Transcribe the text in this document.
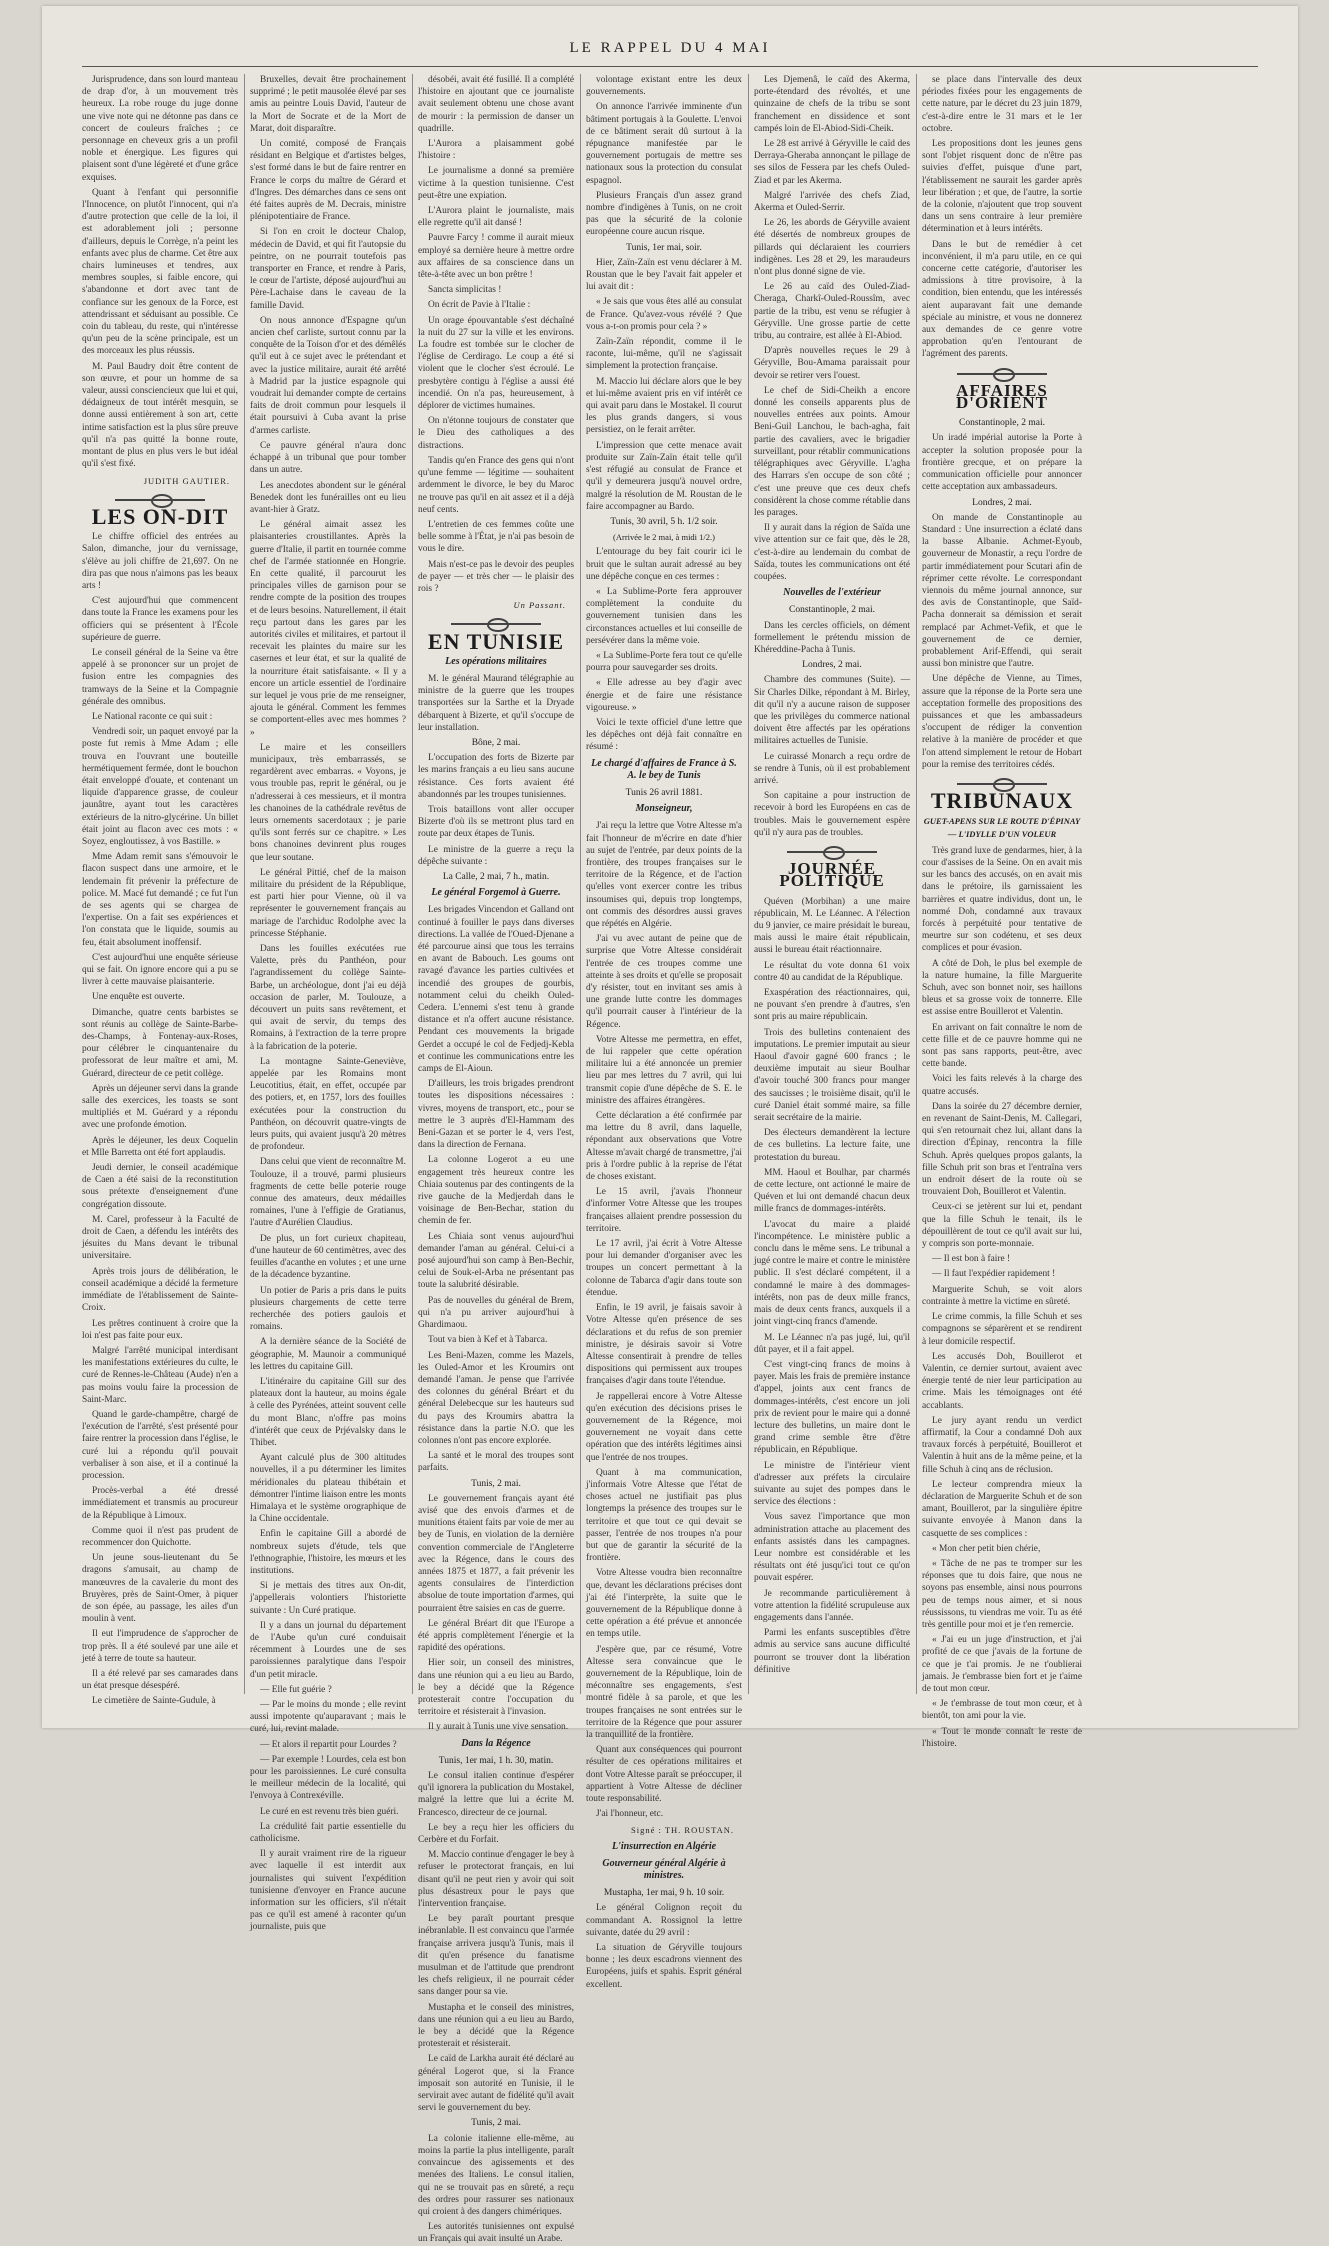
LE RAPPEL DU 4 MAI

Jurisprudence, dans son lourd manteau de drap d'or, à un mouvement très heureux. La robe rouge du juge donne une vive note qui ne détonne pas dans ce concert de couleurs fraîches ; ce personnage en cheveux gris a un profil noble et énergique. Les figures qui plaisent sont d'une légèreté et d'une grâce exquises.

Quant à l'enfant qui personnifie l'Innocence, on plutôt l'innocent, qui n'a d'autre protection que celle de la loi, il est adorablement joli ; personne d'ailleurs, depuis le Corrège, n'a peint les enfants avec plus de charme. Cet être aux chairs lumineuses et tendres, aux membres souples, si faible encore, qui s'abandonne et dort avec tant de confiance sur les genoux de la Force, est attendrissant et séduisant au possible. Ce coin du tableau, du reste, qui n'intéresse qu'un peu de la scène principale, est un des morceaux les plus réussis.

M. Paul Baudry doit être content de son œuvre, et pour un homme de sa valeur, aussi consciencieux que lui et qui, dédaigneux de tout intérêt mesquin, se donne aussi entièrement à son art, cette intime satisfaction est la plus sûre preuve qu'il n'a pas quitté la bonne route, montant de plus en plus vers le but idéal qu'il s'est fixé.

JUDITH GAUTIER.
LES ON-DIT

Le chiffre officiel des entrées au Salon, dimanche, jour du vernissage, s'élève au joli chiffre de 21,697. On ne dira pas que nous n'aimons pas les beaux arts !

C'est aujourd'hui que commencent dans toute la France les examens pour les officiers qui se présentent à l'École supérieure de guerre.

Le conseil général de la Seine va être appelé à se prononcer sur un projet de fusion entre les compagnies des tramways de la Seine et la Compagnie générale des omnibus.

Le National raconte ce qui suit :

Vendredi soir, un paquet envoyé par la poste fut remis à Mme Adam ; elle trouva en l'ouvrant une bouteille hermétiquement fermée, dont le bouchon était enveloppé d'ouate, et contenant un liquide d'apparence grasse, de couleur jaunâtre, ayant tout les caractères extérieurs de la nitro-glycérine. Un billet était joint au flacon avec ces mots : « Soyez, engloutissez, à vos Bastille. »

Mme Adam remit sans s'émouvoir le flacon suspect dans une armoire, et le lendemain fit prévenir la préfecture de police. M. Macé fut demandé ; ce fut l'un de ses agents qui se chargea de l'expertise. On a fait ses expériences et l'on constata que le liquide, soumis au feu, était absolument inoffensif.

C'est aujourd'hui une enquête sérieuse qui se fait. On ignore encore qui a pu se livrer à cette mauvaise plaisanterie.

Une enquête est ouverte.

Dimanche, quatre cents barbistes se sont réunis au collège de Sainte-Barbe-des-Champs, à Fontenay-aux-Roses, pour célébrer le cinquantenaire du professorat de leur maître et ami, M. Guérard, directeur de ce petit collège.

Après un déjeuner servi dans la grande salle des exercices, les toasts se sont multipliés et M. Guérard y a répondu avec une profonde émotion.

Après le déjeuner, les deux Coquelin et Mlle Barretta ont été fort applaudis.

Jeudi dernier, le conseil académique de Caen a été saisi de la reconstitution sous prétexte d'enseignement d'une congrégation dissoute.

M. Carel, professeur à la Faculté de droit de Caen, a défendu les intérêts des jésuites du Mans devant le tribunal universitaire.

Après trois jours de délibération, le conseil académique a décidé la fermeture immédiate de l'établissement de Sainte-Croix.

Les prêtres continuent à croire que la loi n'est pas faite pour eux.

Malgré l'arrêté municipal interdisant les manifestations extérieures du culte, le curé de Rennes-le-Château (Aude) n'en a pas moins voulu faire la procession de Saint-Marc.

Quand le garde-champêtre, chargé de l'exécution de l'arrêté, s'est présenté pour faire rentrer la procession dans l'église, le curé lui a répondu qu'il pouvait verbaliser à son aise, et il a continué la procession.

Procès-verbal a été dressé immédiatement et transmis au procureur de la République à Limoux.

Comme quoi il n'est pas prudent de recommencer don Quichotte.

Un jeune sous-lieutenant du 5e dragons s'amusait, au champ de manœuvres de la cavalerie du mont des Bruyères, près de Saint-Omer, à piquer de son épée, au passage, les ailes d'un moulin à vent.

Il eut l'imprudence de s'approcher de trop près. Il a été soulevé par une aile et jeté à terre de toute sa hauteur.

Il a été relevé par ses camarades dans un état presque désespéré.

Le cimetière de Sainte-Gudule, à

Bruxelles, devait être prochainement supprimé ; le petit mausolée élevé par ses amis au peintre Louis David, l'auteur de la Mort de Socrate et de la Mort de Marat, doit disparaître.

Un comité, composé de Français résidant en Belgique et d'artistes belges, s'est formé dans le but de faire rentrer en France le corps du maître de Gérard et d'Ingres. Des démarches dans ce sens ont été faites auprès de M. Decrais, ministre plénipotentiaire de France.

Si l'on en croit le docteur Chalop, médecin de David, et qui fit l'autopsie du peintre, on ne pourrait toutefois pas transporter en France, et rendre à Paris, le cœur de l'artiste, déposé aujourd'hui au Père-Lachaise dans le caveau de la famille David.

On nous annonce d'Espagne qu'un ancien chef carliste, surtout connu par la conquête de la Toison d'or et des démêlés qu'il eut à ce sujet avec le prétendant et avec la justice militaire, aurait été arrêté à Madrid par la justice espagnole qui voudrait lui demander compte de certains faits de droit commun pour lesquels il était poursuivi à Cuba avant la prise d'armes carliste.

Ce pauvre général n'aura donc échappé à un tribunal que pour tomber dans un autre.

Les anecdotes abondent sur le général Benedek dont les funérailles ont eu lieu avant-hier à Gratz.

Le général aimait assez les plaisanteries croustillantes. Après la guerre d'Italie, il partit en tournée comme chef de l'armée stationnée en Hongrie. En cette qualité, il parcourut les principales villes de garnison pour se rendre compte de la position des troupes et de leurs besoins. Naturellement, il était reçu partout dans les gares par les autorités civiles et militaires, et partout il recevait les plaintes du maire sur les casernes et leur état, et sur la qualité de la nourriture était satisfaisante. « Il y a encore un article essentiel de l'ordinaire sur lequel je vous prie de me renseigner, ajouta le général. Comment les femmes se comportent-elles avec mes hommes ? »

Le maire et les conseillers municipaux, très embarrassés, se regardèrent avec embarras. « Voyons, je vous trouble pas, reprit le général, ou je n'adresserai à ces messieurs, et il montra les chanoines de la cathédrale revêtus de leurs ornements sacerdotaux ; je parie qu'ils sont ferrés sur ce chapitre. » Les bons chanoines devinrent plus rouges que leur soutane.

Le général Pittié, chef de la maison militaire du président de la République, est parti hier pour Vienne, où il va représenter le gouvernement français au mariage de l'archiduc Rodolphe avec la princesse Stéphanie.

Dans les fouilles exécutées rue Valette, près du Panthéon, pour l'agrandissement du collège Sainte-Barbe, un archéologue, dont j'ai eu déjà occasion de parler, M. Toulouze, a découvert un puits sans revêtement, et qui avait de servir, du temps des Romains, à l'extraction de la terre propre à la fabrication de la poterie.

La montagne Sainte-Geneviève, appelée par les Romains mont Leucotitius, était, en effet, occupée par des potiers, et, en 1757, lors des fouilles exécutées pour la construction du Panthéon, on découvrit quatre-vingts de leurs puits, qui avaient jusqu'à 20 mètres de profondeur.

Dans celui que vient de reconnaître M. Toulouze, il a trouvé, parmi plusieurs fragments de cette belle poterie rouge connue des amateurs, deux médailles romaines, l'une à l'effigie de Gratianus, l'autre d'Aurélien Claudius.

De plus, un fort curieux chapiteau, d'une hauteur de 60 centimètres, avec des feuilles d'acanthe en volutes ; et une urne de la décadence byzantine.

Un potier de Paris a pris dans le puits plusieurs chargements de cette terre recherchée des potiers gaulois et romains.

A la dernière séance de la Société de géographie, M. Maunoir a communiqué les lettres du capitaine Gill.

L'itinéraire du capitaine Gill sur des plateaux dont la hauteur, au moins égale à celle des Pyrénées, atteint souvent celle du mont Blanc, n'offre pas moins d'intérêt que ceux de Prjévalsky dans le Thibet.

Ayant calculé plus de 300 altitudes nouvelles, il a pu déterminer les limites méridionales du plateau thibétain et démontrer l'intime liaison entre les monts Himalaya et le système orographique de la Chine occidentale.

Enfin le capitaine Gill a abordé de nombreux sujets d'étude, tels que l'ethnographie, l'histoire, les mœurs et les institutions.

Si je mettais des titres aux On-dit, j'appellerais volontiers l'historiette suivante : Un Curé pratique.

Il y a dans un journal du département de l'Aube qu'un curé conduisait récemment à Lourdes une de ses paroissiennes paralytique dans l'espoir d'un petit miracle.

— Elle fut guérie ?

— Par le moins du monde ; elle revint aussi impotente qu'auparavant ; mais le curé, lui, revint malade.

— Et alors il repartit pour Lourdes ?

— Par exemple ! Lourdes, cela est bon pour les paroissiennes. Le curé consulta le meilleur médecin de la localité, qui l'envoya à Contrexéville.

Le curé en est revenu très bien guéri.

La crédulité fait partie essentielle du catholicisme.

Il y aurait vraiment rire de la rigueur avec laquelle il est interdit aux journalistes qui suivent l'expédition tunisienne d'envoyer en France aucune information sur les officiers, s'il n'était pas ce qu'il est amené à raconter qu'un journaliste, puis que

désobéi, avait été fusillé. Il a complété l'histoire en ajoutant que ce journaliste avait seulement obtenu une chose avant de mourir : la permission de danser un quadrille.

L'Aurora a plaisamment gobé l'histoire :

Le journalisme a donné sa première victime à la question tunisienne. C'est peut-être une expiation.

L'Aurora plaint le journaliste, mais elle regrette qu'il ait dansé !

Pauvre Farcy ! comme il aurait mieux employé sa dernière heure à mettre ordre aux affaires de sa conscience dans un tête-à-tête avec un bon prêtre !

Sancta simplicitas !

On écrit de Pavie à l'Italie :

Un orage épouvantable s'est déchaîné la nuit du 27 sur la ville et les environs. La foudre est tombée sur le clocher de l'église de Cerdirago. Le coup a été si violent que le clocher s'est écroulé. Le presbytère contigu à l'église a aussi été incendié. On n'a pas, heureusement, à déplorer de victimes humaines.

On n'étonne toujours de constater que le Dieu des catholiques a des distractions.

Tandis qu'en France des gens qui n'ont qu'une femme — légitime — souhaitent ardemment le divorce, le bey du Maroc ne trouve pas qu'il en ait assez et il a déjà neuf cents.

L'entretien de ces femmes coûte une belle somme à l'État, je n'ai pas besoin de vous le dire.

Mais n'est-ce pas le devoir des peuples de payer — et très cher — le plaisir des rois ?

Un Passant.
EN TUNISIE
Les opérations militaires

M. le général Maurand télégraphie au ministre de la guerre que les troupes transportées sur la Sarthe et la Dryade débarquent à Bizerte, et qu'il s'occupe de leur installation.

Bône, 2 mai.

L'occupation des forts de Bizerte par les marins français a eu lieu sans aucune résistance. Ces forts avaient été abandonnés par les troupes tunisiennes.

Trois bataillons vont aller occuper Bizerte d'où ils se mettront plus tard en route par deux étapes de Tunis.

Le ministre de la guerre a reçu la dépêche suivante :

La Calle, 2 mai, 7 h., matin.
Le général Forgemol à Guerre.

Les brigades Vincendon et Galland ont continué à fouiller le pays dans diverses directions. La vallée de l'Oued-Djenane a été parcourue ainsi que tous les terrains en avant de Babouch. Les goums ont ravagé d'avance les parties cultivées et incendié des groupes de gourbis, notamment celui du cheikh Ouled-Cedera. L'ennemi s'est tenu à grande distance et n'a offert aucune résistance. Pendant ces mouvements la brigade Gerdet a occupé le col de Fedjedj-Kebla et continue les communications entre les camps de El-Aioun.

D'ailleurs, les trois brigades prendront toutes les dispositions nécessaires : vivres, moyens de transport, etc., pour se mettre le 3 auprès d'El-Hammam des Beni-Gazan et se porter le 4, vers l'est, dans la direction de Fernana.

La colonne Logerot a eu une engagement très heureux contre les Chiaia soutenus par des contingents de la rive gauche de la Medjerdah dans le voisinage de Ben-Bechar, station du chemin de fer.

Les Chiaia sont venus aujourd'hui demander l'aman au général. Celui-ci a posé aujourd'hui son camp à Ben-Bechir, celui de Souk-el-Arba ne présentant pas toute la salubrité désirable.

Pas de nouvelles du général de Brem, qui n'a pu arriver aujourd'hui à Ghardimaou.

Tout va bien à Kef et à Tabarca.

Les Beni-Mazen, comme les Mazels, les Ouled-Amor et les Kroumirs ont demandé l'aman. Je pense que l'arrivée des colonnes du général Bréart et du général Delebecque sur les hauteurs sud du pays des Kroumirs abattra la résistance dans la partie N.O. que les colonnes n'ont pas encore explorée.

La santé et le moral des troupes sont parfaits.

Tunis, 2 mai.

Le gouvernement français ayant été avisé que des envois d'armes et de munitions étaient faits par voie de mer au bey de Tunis, en violation de la dernière convention commerciale de l'Angleterre avec la Régence, dans le cours des années 1875 et 1877, a fait prévenir les agents consulaires de l'interdiction absolue de toute importation d'armes, qui pourraient être saisies en cas de guerre.

Le général Bréart dit que l'Europe a été appris complètement l'énergie et la rapidité des opérations.

Hier soir, un conseil des ministres, dans une réunion qui a eu lieu au Bardo, le bey a décidé que la Régence protesterait contre l'occupation du territoire et résisterait à l'invasion.

Il y aurait à Tunis une vive sensation.

Dans la Régence
Tunis, 1er mai, 1 h. 30, matin.

Le consul italien continue d'espérer qu'il ignorera la publication du Mostakel, malgré la lettre que lui a écrite M. Francesco, directeur de ce journal.

Le bey a reçu hier les officiers du Cerbère et du Forfait.

M. Maccio continue d'engager le bey à refuser le protectorat français, en lui disant qu'il ne peut rien y avoir qui soit plus désastreux pour le pays que l'intervention française.

Le bey paraît pourtant presque inébranlable. Il est convaincu que l'armée française arrivera jusqu'à Tunis, mais il dit qu'en présence du fanatisme musulman et de l'attitude que prendront les chefs religieux, il ne pourrait céder sans danger pour sa vie.

Mustapha et le conseil des ministres, dans une réunion qui a eu lieu au Bardo, le bey a décidé que la Régence protesterait et résisterait.

Le caïd de Larkha aurait été déclaré au général Logerot que, si la France imposait son autorité en Tunisie, il le servirait avec autant de fidélité qu'il avait servi le gouvernement du bey.

Tunis, 2 mai.

La colonie italienne elle-même, au moins la partie la plus intelligente, paraît convaincue des agissements et des menées des Italiens. Le consul italien, qui ne se trouvait pas en sûreté, a reçu des ordres pour rassurer ses nationaux qui croient à des dangers chimériques.

Les autorités tunisiennes ont expulsé un Français qui avait insulté un Arabe.

volontage existant entre les deux gouvernements.

On annonce l'arrivée imminente d'un bâtiment portugais à la Goulette. L'envoi de ce bâtiment serait dû surtout à la répugnance manifestée par le gouvernement portugais de mettre ses nationaux sous la protection du consulat espagnol.

Plusieurs Français d'un assez grand nombre d'indigènes à Tunis, on ne croit pas que la sécurité de la colonie européenne coure aucun risque.

Tunis, 1er mai, soir.

Hier, Zaïn-Zaïn est venu déclarer à M. Roustan que le bey l'avait fait appeler et lui avait dit :

« Je sais que vous êtes allé au consulat de France. Qu'avez-vous révélé ? Que vous a-t-on promis pour cela ? »

Zaïn-Zaïn répondit, comme il le raconte, lui-même, qu'il ne s'agissait simplement la protection française.

M. Maccio lui déclare alors que le bey et lui-même avaient pris en vif intérêt ce qui avait paru dans le Mostakel. Il courut les plus grands dangers, si vous persistiez, on le ferait arrêter.

L'impression que cette menace avait produite sur Zaïn-Zaïn était telle qu'il s'est réfugié au consulat de France et qu'il y demeurera jusqu'à nouvel ordre, malgré la résolution de M. Roustan de le faire accompagner au Bardo.

Tunis, 30 avril, 5 h. 1/2 soir.
(Arrivée le 2 mai, à midi 1/2.)

L'entourage du bey fait courir ici le bruit que le sultan aurait adressé au bey une dépêche conçue en ces termes :

« La Sublime-Porte fera approuver complètement la conduite du gouvernement tunisien dans les circonstances actuelles et lui conseille de persévérer dans la même voie.

« La Sublime-Porte fera tout ce qu'elle pourra pour sauvegarder ses droits.

« Elle adresse au bey d'agir avec énergie et de faire une résistance vigoureuse. »

Voici le texte officiel d'une lettre que les dépêches ont déjà fait connaître en résumé :

Le chargé d'affaires de France à S. A. le bey de Tunis
Tunis 26 avril 1881.
Monseigneur,

J'ai reçu la lettre que Votre Altesse m'a fait l'honneur de m'écrire en date d'hier au sujet de l'entrée, par deux points de la frontière, des troupes françaises sur le territoire de la Régence, et de l'action qu'elles vont exercer contre les tribus insoumises qui, depuis trop longtemps, ont commis des désordres aussi graves que répétés en Algérie.

J'ai vu avec autant de peine que de surprise que Votre Altesse considérait l'entrée de ces troupes comme une atteinte à ses droits et qu'elle se proposait d'y résister, tout en invitant ses amis à une grande lutte contre les dommages qu'il pourrait causer à l'intérieur de la Régence.

Votre Altesse me permettra, en effet, de lui rappeler que cette opération militaire lui a été annoncée un premier lieu par mes lettres du 7 avril, qui lui transmit copie d'une dépêche de S. E. le ministre des affaires étrangères.

Cette déclaration a été confirmée par ma lettre du 8 avril, dans laquelle, répondant aux observations que Votre Altesse m'avait chargé de transmettre, j'ai pris à l'ordre public à la reprise de l'état de choses existant.

Le 15 avril, j'avais l'honneur d'informer Votre Altesse que les troupes françaises allaient prendre possession du territoire.

Le 17 avril, j'ai écrit à Votre Altesse pour lui demander d'organiser avec les troupes un concert permettant à la colonne de Tabarca d'agir dans toute son étendue.

Enfin, le 19 avril, je faisais savoir à Votre Altesse qu'en présence de ses déclarations et du refus de son premier ministre, je désirais savoir si Votre Altesse consentirait à prendre de telles dispositions qui permissent aux troupes françaises d'agir dans toute l'étendue.

Je rappellerai encore à Votre Altesse qu'en exécution des décisions prises le gouvernement de la Régence, moi gouvernement ne voyait dans cette opération que des intérêts légitimes ainsi que l'entrée de nos troupes.

Quant à ma communication, j'informais Votre Altesse que l'état de choses actuel ne justifiait pas plus longtemps la présence des troupes sur le territoire et que tout ce qui devait se passer, l'entrée de nos troupes n'a pour but que de garantir la sécurité de la frontière.

Votre Altesse voudra bien reconnaître que, devant les déclarations précises dont j'ai été l'interprète, la suite que le gouvernement de la République donne à cette opération a été prévue et annoncée en temps utile.

J'espère que, par ce résumé, Votre Altesse sera convaincue que le gouvernement de la République, loin de méconnaître ses engagements, s'est montré fidèle à sa parole, et que les troupes françaises ne sont entrées sur le territoire de la Régence que pour assurer la tranquillité de la frontière.

Quant aux conséquences qui pourront résulter de ces opérations militaires et dont Votre Altesse paraît se préoccuper, il appartient à Votre Altesse de décliner toute responsabilité.

J'ai l'honneur, etc.

Signé : TH. ROUSTAN.
L'insurrection en Algérie
Gouverneur général Algérie à ministres.
Mustapha, 1er mai, 9 h. 10 soir.

Le général Colignon reçoit du commandant A. Rossignol la lettre suivante, datée du 29 avril :

La situation de Géryville toujours bonne ; les deux escadrons viennent des Européens, juifs et spahis. Esprit général excellent.

Les Djemenâ, le caïd des Akerma, porte-étendard des révoltés, et une quinzaine de chefs de la tribu se sont franchement en dissidence et sont campés loin de El-Abiod-Sidi-Cheik.

Le 28 est arrivé à Géryville le caïd des Derraya-Gheraba annonçant le pillage de ses silos de Fessera par les chefs Ouled-Ziad et par les Akerma.

Malgré l'arrivée des chefs Ziad, Akerma et Ouled-Serrir.

Le 26, les abords de Géryville avaient été désertés de nombreux groupes de pillards qui déclaraient les courriers indigènes. Les 28 et 29, les maraudeurs n'ont plus donné signe de vie.

Le 26 au caïd des Ouled-Ziad-Cheraga, Charkî-Ouled-Roussîm, avec partie de la tribu, est venu se réfugier à Géryville. Une grosse partie de cette tribu, au contraire, est allée à El-Abiod.

D'après nouvelles reçues le 29 à Géryville, Bou-Amama paraissait pour devoir se retirer vers l'ouest.

Le chef de Sidi-Cheikh a encore donné les conseils apparents plus de nouvelles entrées aux points. Amour Beni-Guil Lanchou, le bach-agha, fait partie des cavaliers, avec le brigadier surveillant, pour rétablir communications télégraphiques avec Géryville. L'agha des Harrars s'en occupe de son côté ; c'est une preuve que ces deux chefs considèrent la chose comme rétablie dans les parages.

Il y aurait dans la région de Saïda une vive attention sur ce fait que, dès le 28, c'est-à-dire au lendemain du combat de Saïda, toutes les communications ont été coupées.

Nouvelles de l'extérieur
Constantinople, 2 mai.

Dans les cercles officiels, on dément formellement le prétendu mission de Khéreddine-Pacha à Tunis.

Londres, 2 mai.

Chambre des communes (Suite). — Sir Charles Dilke, répondant à M. Birley, dit qu'il n'y a aucune raison de supposer que les privilèges du commerce national doivent être affectés par les opérations militaires actuelles de Tunisie.

Le cuirassé Monarch a reçu ordre de se rendre à Tunis, où il est probablement arrivé.

Son capitaine a pour instruction de recevoir à bord les Européens en cas de troubles. Mais le gouvernement espère qu'il n'y aura pas de troubles.

JOURNÉE POLITIQUE

Quéven (Morbihan) a une maire républicain, M. Le Léannec. A l'élection du 9 janvier, ce maire présidait le bureau, mais aussi le maire était républicain, aussi le bureau était réactionnaire.

Le résultat du vote donna 61 voix contre 40 au candidat de la République.

Exaspération des réactionnaires, qui, ne pouvant s'en prendre à d'autres, s'en sont pris au maire républicain.

Trois des bulletins contenaient des imputations. Le premier imputait au sieur Haoul d'avoir gagné 600 francs ; le deuxième imputait au sieur Boulhar d'avoir touché 300 francs pour manger des saucisses ; le troisième disait, qu'il le curé Daniel était sommé maire, sa fille serait secrétaire de la mairie.

Des électeurs demandèrent la lecture de ces bulletins. La lecture faite, une protestation du bureau.

MM. Haoul et Boulhar, par charmés de cette lecture, ont actionné le maire de Quéven et lui ont demandé chacun deux mille francs de dommages-intérêts.

L'avocat du maire a plaidé l'incompétence. Le ministère public a conclu dans le même sens. Le tribunal a jugé contre le maire et contre le ministère public. Il s'est déclaré compétent, il a condamné le maire à des dommages-intérêts, non pas de deux mille francs, mais de deux cents francs, auxquels il a joint vingt-cinq francs d'amende.

M. Le Léannec n'a pas jugé, lui, qu'il dût payer, et il a fait appel.

C'est vingt-cinq francs de moins à payer. Mais les frais de première instance d'appel, joints aux cent francs de dommages-intérêts, c'est encore un joli prix de revient pour le maire qui a donné lecture des bulletins, un maire dont le grand crime semble être d'être républicain, en République.

Le ministre de l'intérieur vient d'adresser aux préfets la circulaire suivante au sujet des pompes dans le service des élections :

Vous savez l'importance que mon administration attache au placement des enfants assistés dans les campagnes. Leur nombre est considérable et les résultats ont été jusqu'ici tout ce qu'on pouvait espérer.

Je recommande particulièrement à votre attention la fidélité scrupuleuse aux engagements dans l'année.

Parmi les enfants susceptibles d'être admis au service sans aucune difficulté pourront se trouver dont la libération définitive

se place dans l'intervalle des deux périodes fixées pour les engagements de cette nature, par le décret du 23 juin 1879, c'est-à-dire entre le 31 mars et le 1er octobre.

Les propositions dont les jeunes gens sont l'objet risquent donc de n'être pas suivies d'effet, puisque d'une part, l'établissement ne saurait les garder après leur libération ; et que, de l'autre, la sortie de la colonie, n'ajoutent que trop souvent dans un sens contraire à leur première détermination et à leurs intérêts.

Dans le but de remédier à cet inconvénient, il m'a paru utile, en ce qui concerne cette catégorie, d'autoriser les admissions à titre provisoire, à la condition, bien entendu, que les intéressés aient auparavant fait une demande spéciale au ministre, et vous ne donnerez aux demandes de ce genre votre approbation qu'en l'entourant de l'agrément des parents.

AFFAIRES D'ORIENT
Constantinople, 2 mai.

Un iradé impérial autorise la Porte à accepter la solution proposée pour la frontière grecque, et on prépare la communication officielle pour annoncer cette acceptation aux ambassadeurs.

Londres, 2 mai.

On mande de Constantinople au Standard : Une insurrection a éclaté dans la basse Albanie. Achmet-Eyoub, gouverneur de Monastir, a reçu l'ordre de partir immédiatement pour Scutari afin de réprimer cette révolte. Le correspondant viennois du même journal annonce, sur des avis de Constantinople, que Saïd-Pacha donnerait sa démission et serait remplacé par Achmet-Vefik, et que le gouvernement de ce dernier, probablement Arif-Effendi, qui serait aussi bon ministre que l'autre.

Une dépêche de Vienne, au Times, assure que la réponse de la Porte sera une acceptation formelle des propositions des puissances et que les ambassadeurs s'occupent de rédiger la convention relative à la manière de procéder et que l'on attend simplement le retour de Hobart pour la remise des territoires cédés.

TRIBUNAUX
GUET-APENS SUR LE ROUTE D'ÉPINAY — L'IDYLLE D'UN VOLEUR

Très grand luxe de gendarmes, hier, à la cour d'assises de la Seine. On en avait mis sur les bancs des accusés, on en avait mis dans le prétoire, ils garnissaient les barrières et quatre individus, dont un, le nommé Doh, condamné aux travaux forcés à perpétuité pour tentative de meurtre sur son codétenu, et ses deux complices et pour évasion.

A côté de Doh, le plus bel exemple de la nature humaine, la fille Marguerite Schuh, avec son bonnet noir, ses haillons bleus et sa grosse voix de tonnerre. Elle est assise entre Bouillerot et Valentin.

En arrivant on fait connaître le nom de cette fille et de ce pauvre homme qui ne sont pas sans rapports, peut-être, avec cette bande.

Voici les faits relevés à la charge des quatre accusés.

Dans la soirée du 27 décembre dernier, en revenant de Saint-Denis, M. Callegari, qui s'en retournait chez lui, allant dans la direction d'Épinay, rencontra la fille Schuh. Après quelques propos galants, la fille Schuh prit son bras et l'entraîna vers un endroit désert de la route où se trouvaient Doh, Bouillerot et Valentin.

Ceux-ci se jetèrent sur lui et, pendant que la fille Schuh le tenait, ils le dépouillèrent de tout ce qu'il avait sur lui, y compris son porte-monnaie.

— Il est bon à faire !

— Il faut l'expédier rapidement !

Marguerite Schuh, se voit alors contrainte à mettre la victime en sûreté.

Le crime commis, la fille Schuh et ses compagnons se séparèrent et se rendirent à leur domicile respectif.

Les accusés Doh, Bouillerot et Valentin, ce dernier surtout, avaient avec énergie tenté de nier leur participation au crime. Mais les témoignages ont été accablants.

Le jury ayant rendu un verdict affirmatif, la Cour a condamné Doh aux travaux forcés à perpétuité, Bouillerot et Valentin à huit ans de la même peine, et la fille Schuh à cinq ans de réclusion.

Le lecteur comprendra mieux la déclaration de Marguerite Schuh et de son amant, Bouillerot, par la singulière épitre suivante envoyée à Manon dans la casquette de ses complices :

« Mon cher petit bien chérie,

« Tâche de ne pas te tromper sur les réponses que tu dois faire, que nous ne soyons pas ensemble, ainsi nous pourrons peu de temps nous aimer, et si nous réussissons, tu viendras me voir. Tu as été très gentille pour moi et je t'en remercie.

« J'ai eu un juge d'instruction, et j'ai profité de ce que j'avais de la fortune de ce que je t'ai promis. Je ne t'oublierai jamais. Je t'embrasse bien fort et je t'aime de tout mon cœur.

« Je t'embrasse de tout mon cœur, et à bientôt, ton ami pour la vie.

« Tout le monde connaît le reste de l'histoire.
